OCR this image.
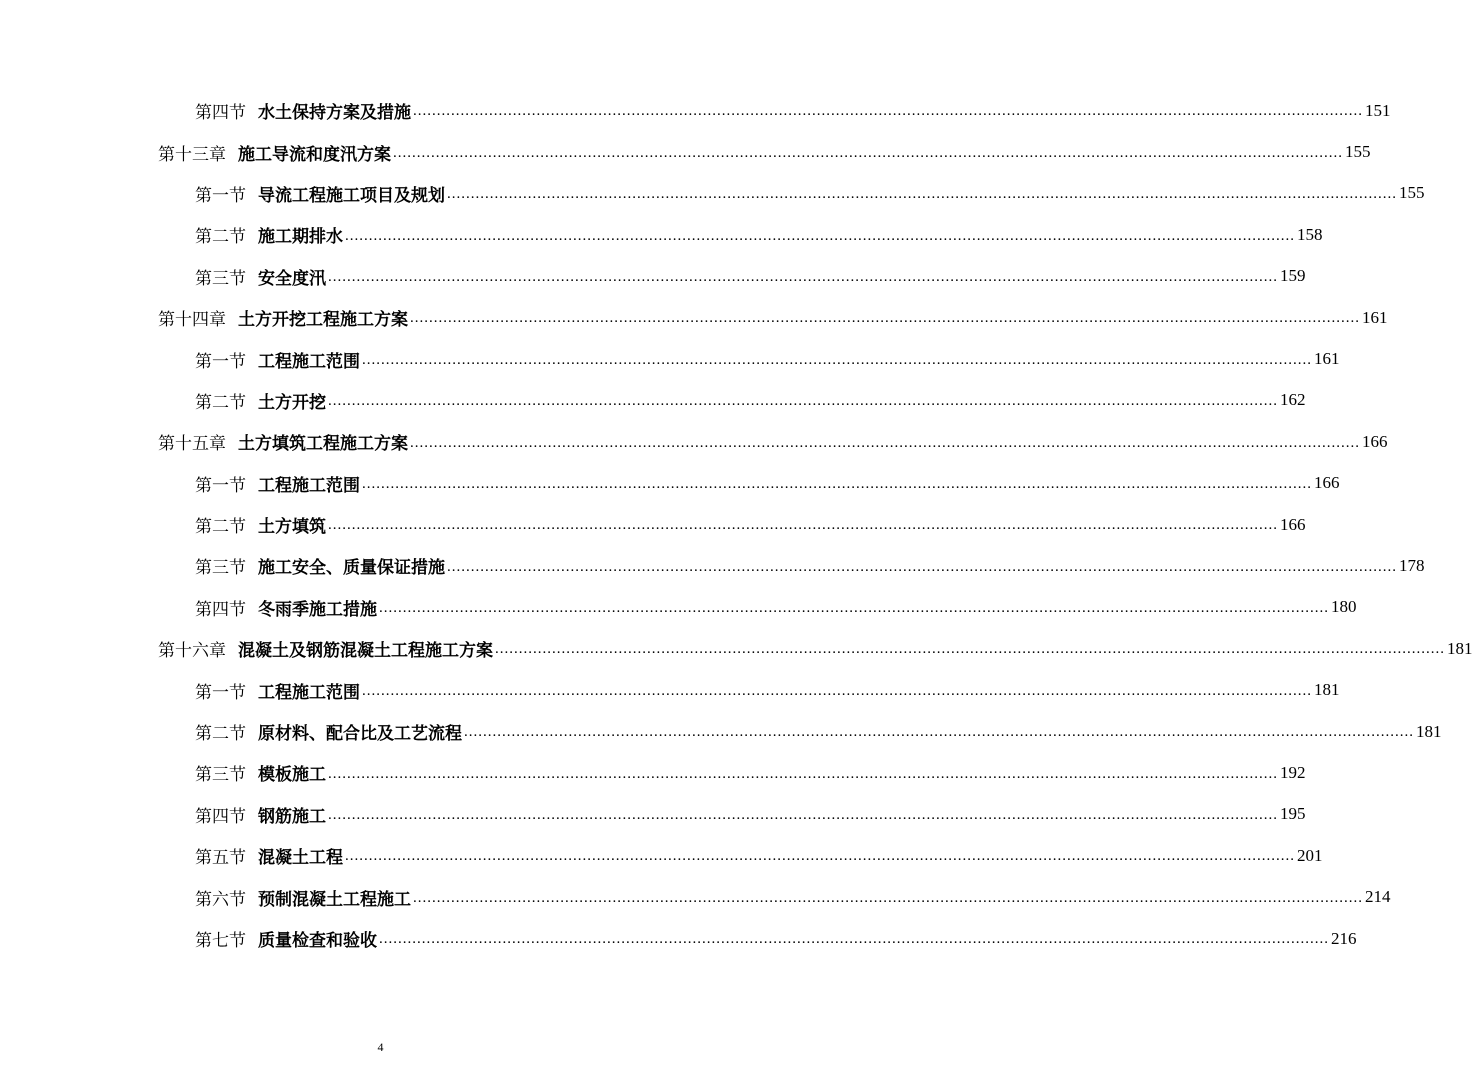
第四节 水土保持方案及措施 ........................................................................................................................................................................................................ 151
第十三章 施工导流和度汛方案 ........................................................................................................................................................................................................ 155
第一节 导流工程施工项目及规划 ........................................................................................................................................................................................................ 155
第二节 施工期排水 ........................................................................................................................................................................................................ 158
第三节 安全度汛 ........................................................................................................................................................................................................ 159
第十四章 土方开挖工程施工方案 ........................................................................................................................................................................................................ 161
第一节 工程施工范围 ........................................................................................................................................................................................................ 161
第二节 土方开挖 ........................................................................................................................................................................................................ 162
第十五章 土方填筑工程施工方案 ........................................................................................................................................................................................................ 166
第一节 工程施工范围 ........................................................................................................................................................................................................ 166
第二节 土方填筑 ........................................................................................................................................................................................................ 166
第三节 施工安全、质量保证措施 ........................................................................................................................................................................................................ 178
第四节 冬雨季施工措施 ........................................................................................................................................................................................................ 180
第十六章 混凝土及钢筋混凝土工程施工方案 ........................................................................................................................................................................................................ 181
第一节 工程施工范围 ........................................................................................................................................................................................................ 181
第二节 原材料、配合比及工艺流程 ........................................................................................................................................................................................................ 181
第三节 模板施工 ........................................................................................................................................................................................................ 192
第四节 钢筋施工 ........................................................................................................................................................................................................ 195
第五节 混凝土工程 ........................................................................................................................................................................................................ 201
第六节 预制混凝土工程施工 ........................................................................................................................................................................................................ 214
第七节 质量检查和验收 ........................................................................................................................................................................................................ 216
4
